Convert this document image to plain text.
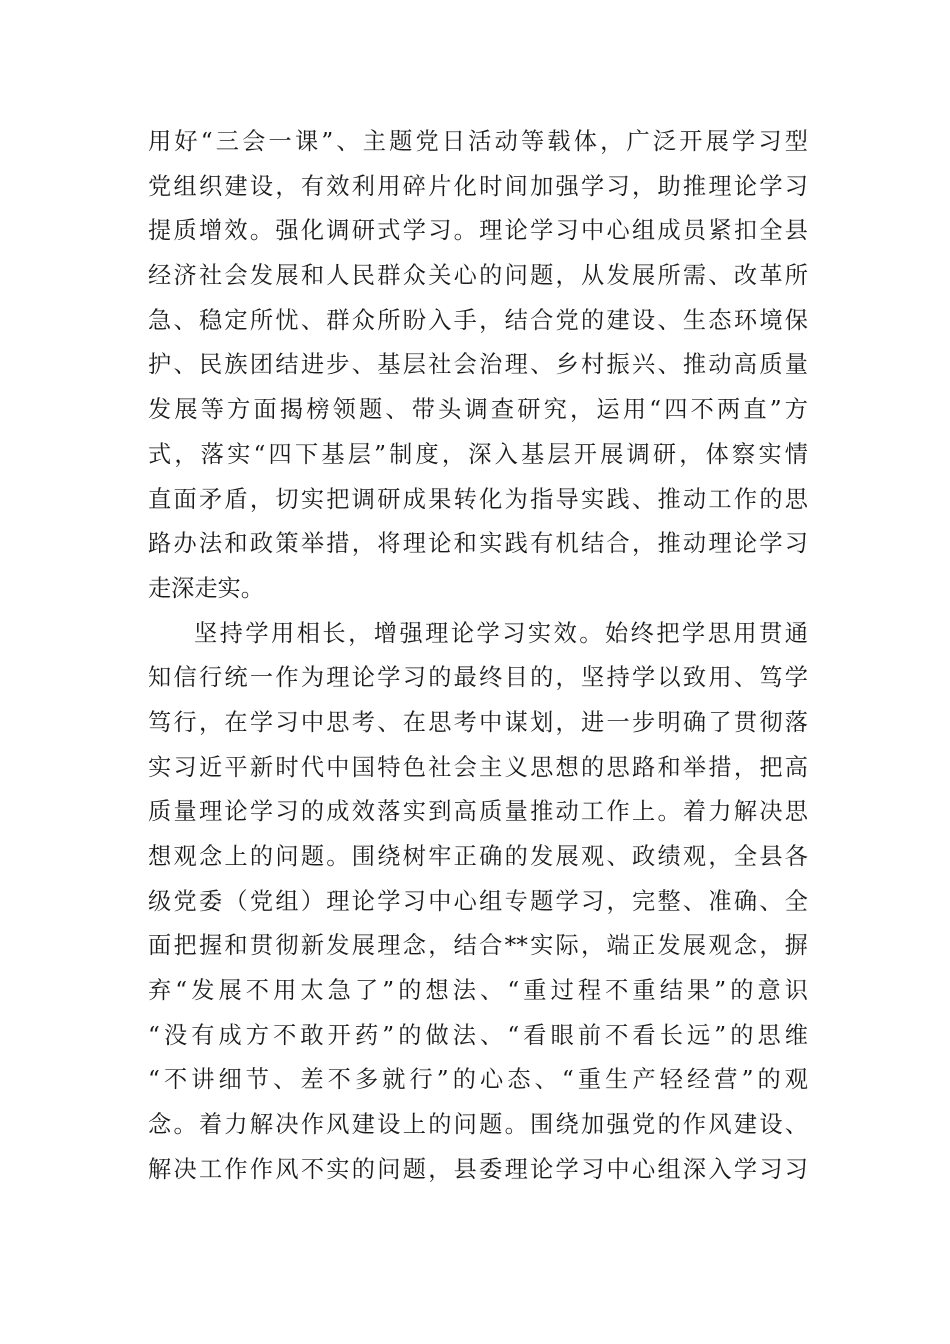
用好“三会一课”、主题党日活动等载体，广泛开展学习型
党组织建设，有效利用碎片化时间加强学习，助推理论学习
提质增效。强化调研式学习。理论学习中心组成员紧扣全县
经济社会发展和人民群众关心的问题，从发展所需、改革所
急、稳定所忧、群众所盼入手，结合党的建设、生态环境保
护、民族团结进步、基层社会治理、乡村振兴、推动高质量
发展等方面揭榜领题、带头调查研究，运用“四不两直”方
式，落实“四下基层”制度，深入基层开展调研，体察实情
直面矛盾，切实把调研成果转化为指导实践、推动工作的思
路办法和政策举措，将理论和实践有机结合，推动理论学习
走深走实。
坚持学用相长，增强理论学习实效。始终把学思用贯通
知信行统一作为理论学习的最终目的，坚持学以致用、笃学
笃行，在学习中思考、在思考中谋划，进一步明确了贯彻落
实习近平新时代中国特色社会主义思想的思路和举措，把高
质量理论学习的成效落实到高质量推动工作上。着力解决思
想观念上的问题。围绕树牢正确的发展观、政绩观，全县各
级党委（党组）理论学习中心组专题学习，完整、准确、全
面把握和贯彻新发展理念，结合**实际，端正发展观念，摒
弃“发展不用太急了”的想法、“重过程不重结果”的意识
“没有成方不敢开药”的做法、“看眼前不看长远”的思维
“不讲细节、差不多就行”的心态、“重生产轻经营”的观
念。着力解决作风建设上的问题。围绕加强党的作风建设、
解决工作作风不实的问题，县委理论学习中心组深入学习习
